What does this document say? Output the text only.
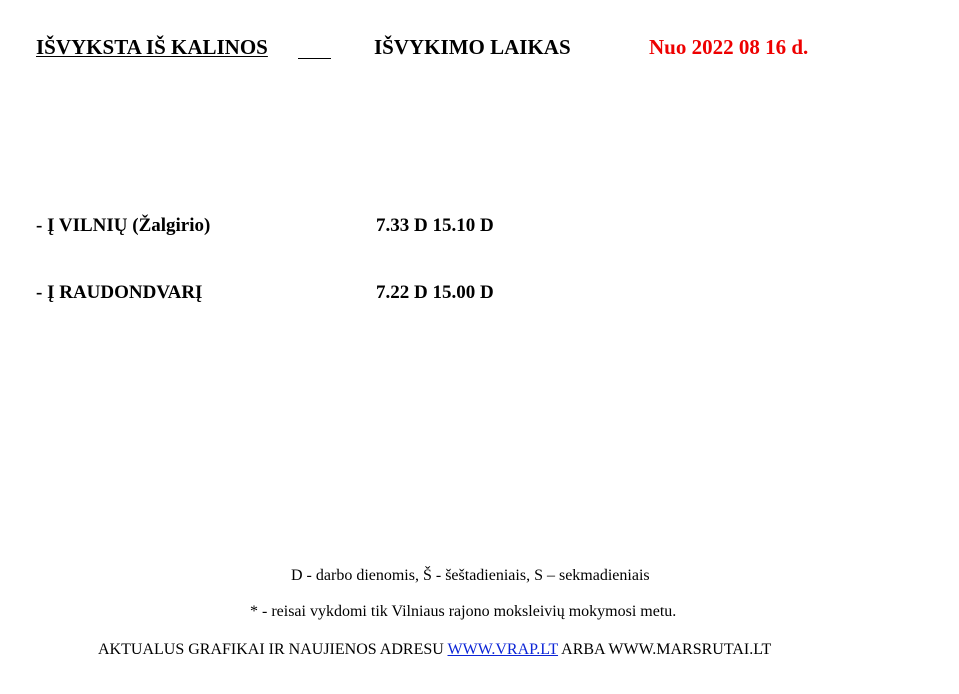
IŠVYKSTA IŠ KALINOS	IŠVYKIMO LAIKAS	Nuo 2022 08 16 d.
- Į VILNIŲ (Žalgirio)	7.33 D 15.10 D
- Į RAUDONDVARĮ	7.22 D 15.00 D
D - darbo dienomis, Š - šeštadieniais, S – sekmadieniais
* - reisai vykdomi tik Vilniaus rajono moksleivių mokymosi metu.
AKTUALUS GRAFIKAI IR NAUJIENOS ADRESU WWW.VRAP.LT ARBA WWW.MARSRUTAI.LT
